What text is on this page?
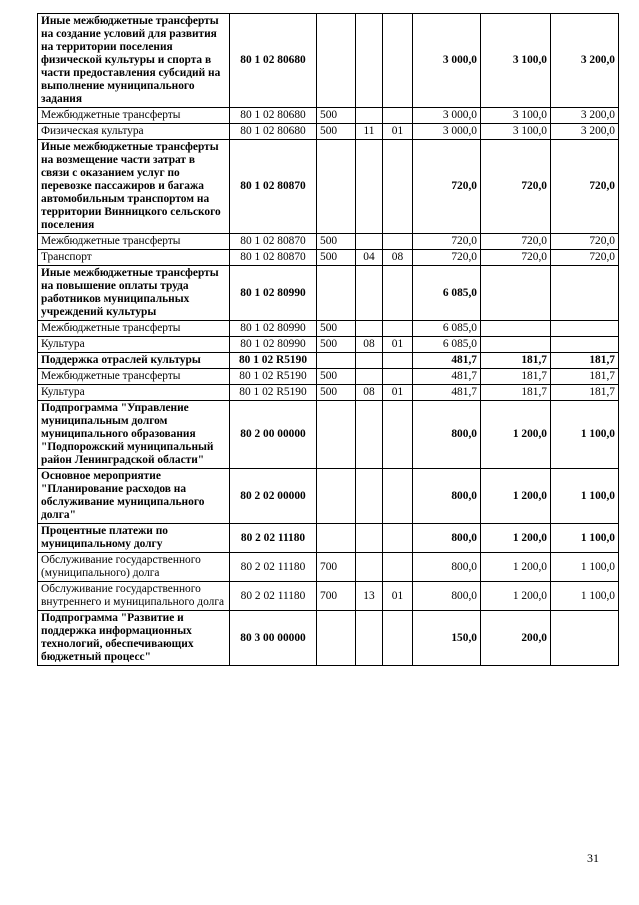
Иные межбюджетные трансферты на создание условий для развития на территории поселения физической культуры и спорта в части предоставления субсидий на выполнение муниципального задания	80 1 02 80680				3 000,0	3 100,0	3 200,0
Межбюджетные трансферты	80 1 02 80680	500			3 000,0	3 100,0	3 200,0
Физическая культура	80 1 02 80680	500	11	01	3 000,0	3 100,0	3 200,0
Иные межбюджетные трансферты на возмещение части затрат в связи с оказанием услуг по перевозке пассажиров и багажа автомобильным транспортом на территории Винницкого сельского поселения	80 1 02 80870				720,0	720,0	720,0
Межбюджетные трансферты	80 1 02 80870	500			720,0	720,0	720,0
Транспорт	80 1 02 80870	500	04	08	720,0	720,0	720,0
Иные межбюджетные трансферты на повышение оплаты труда работников муниципальных учреждений культуры	80 1 02 80990				6 085,0		
Межбюджетные трансферты	80 1 02 80990	500			6 085,0		
Культура	80 1 02 80990	500	08	01	6 085,0		
Поддержка отраслей культуры	80 1 02 R5190				481,7	181,7	181,7
Межбюджетные трансферты	80 1 02 R5190	500			481,7	181,7	181,7
Культура	80 1 02 R5190	500	08	01	481,7	181,7	181,7
Подпрограмма "Управление муниципальным долгом муниципального образования "Подпорожский муниципальный район Ленинградской области"	80 2 00 00000				800,0	1 200,0	1 100,0
Основное мероприятие "Планирование расходов на обслуживание муниципального долга"	80 2 02 00000				800,0	1 200,0	1 100,0
Процентные платежи по муниципальному долгу	80 2 02 11180				800,0	1 200,0	1 100,0
Обслуживание государственного (муниципального) долга	80 2 02 11180	700			800,0	1 200,0	1 100,0
Обслуживание государственного внутреннего и муниципального долга	80 2 02 11180	700	13	01	800,0	1 200,0	1 100,0
Подпрограмма "Развитие и поддержка информационных технологий, обеспечивающих бюджетный процесс"	80 3 00 00000				150,0	200,0	
31
